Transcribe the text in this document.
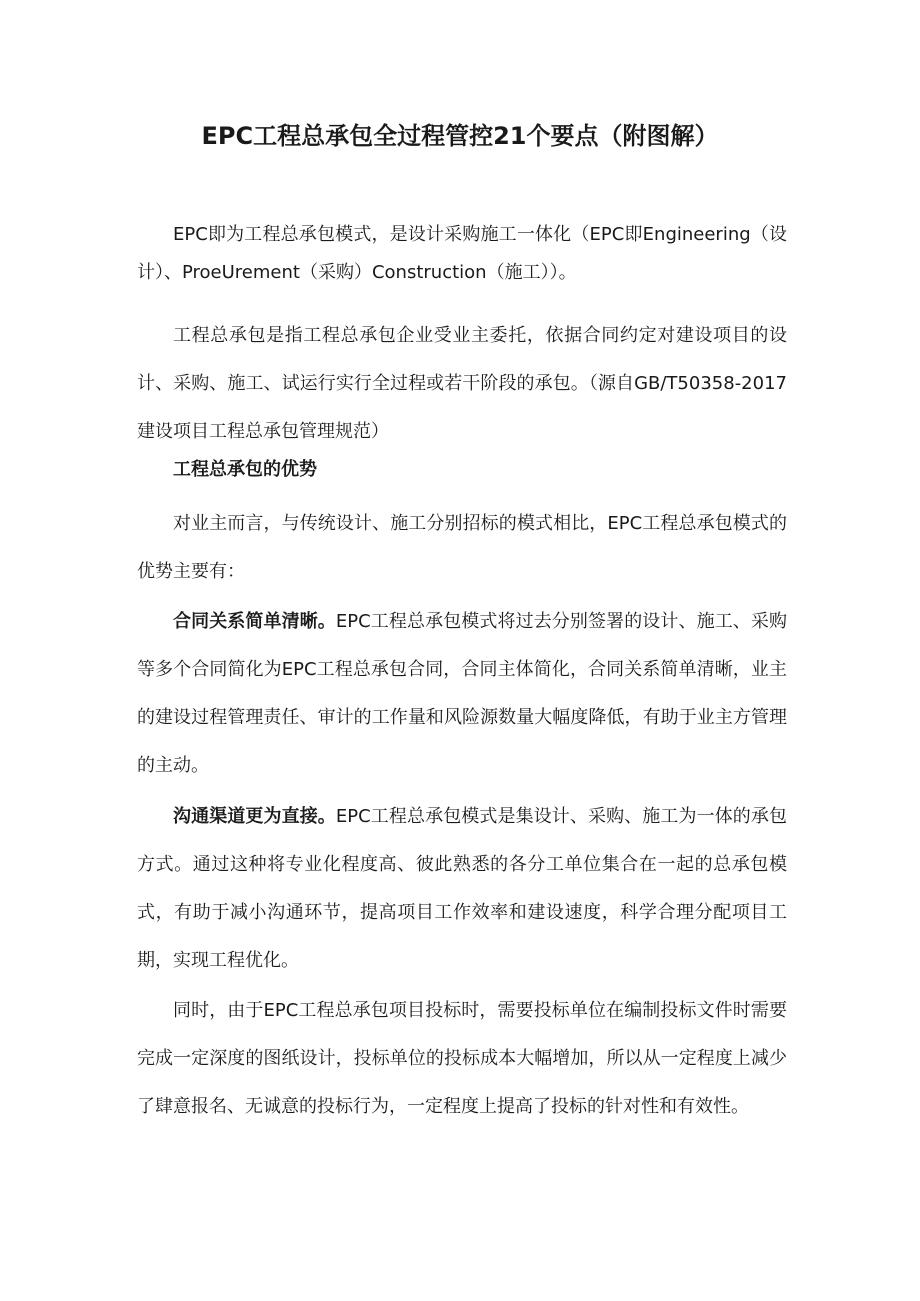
EPC工程总承包全过程管控21个要点（附图解）

EPC即为工程总承包模式，是设计采购施工一体化（EPC即Engineering（设计）、ProeUrement（采购）Construction（施工））。

工程总承包是指工程总承包企业受业主委托，依据合同约定对建设项目的设计、采购、施工、试运行实行全过程或若干阶段的承包。（源自GB/T50358-2017建设项目工程总承包管理规范）

工程总承包的优势

对业主而言，与传统设计、施工分别招标的模式相比，EPC工程总承包模式的优势主要有：

合同关系简单清晰。EPC工程总承包模式将过去分别签署的设计、施工、采购等多个合同简化为EPC工程总承包合同，合同主体简化，合同关系简单清晰，业主的建设过程管理责任、审计的工作量和风险源数量大幅度降低，有助于业主方管理的主动。

沟通渠道更为直接。EPC工程总承包模式是集设计、采购、施工为一体的承包方式。通过这种将专业化程度高、彼此熟悉的各分工单位集合在一起的总承包模式，有助于减小沟通环节，提高项目工作效率和建设速度，科学合理分配项目工期，实现工程优化。

同时，由于EPC工程总承包项目投标时，需要投标单位在编制投标文件时需要完成一定深度的图纸设计，投标单位的投标成本大幅增加，所以从一定程度上减少了肆意报名、无诚意的投标行为，一定程度上提高了投标的针对性和有效性。
